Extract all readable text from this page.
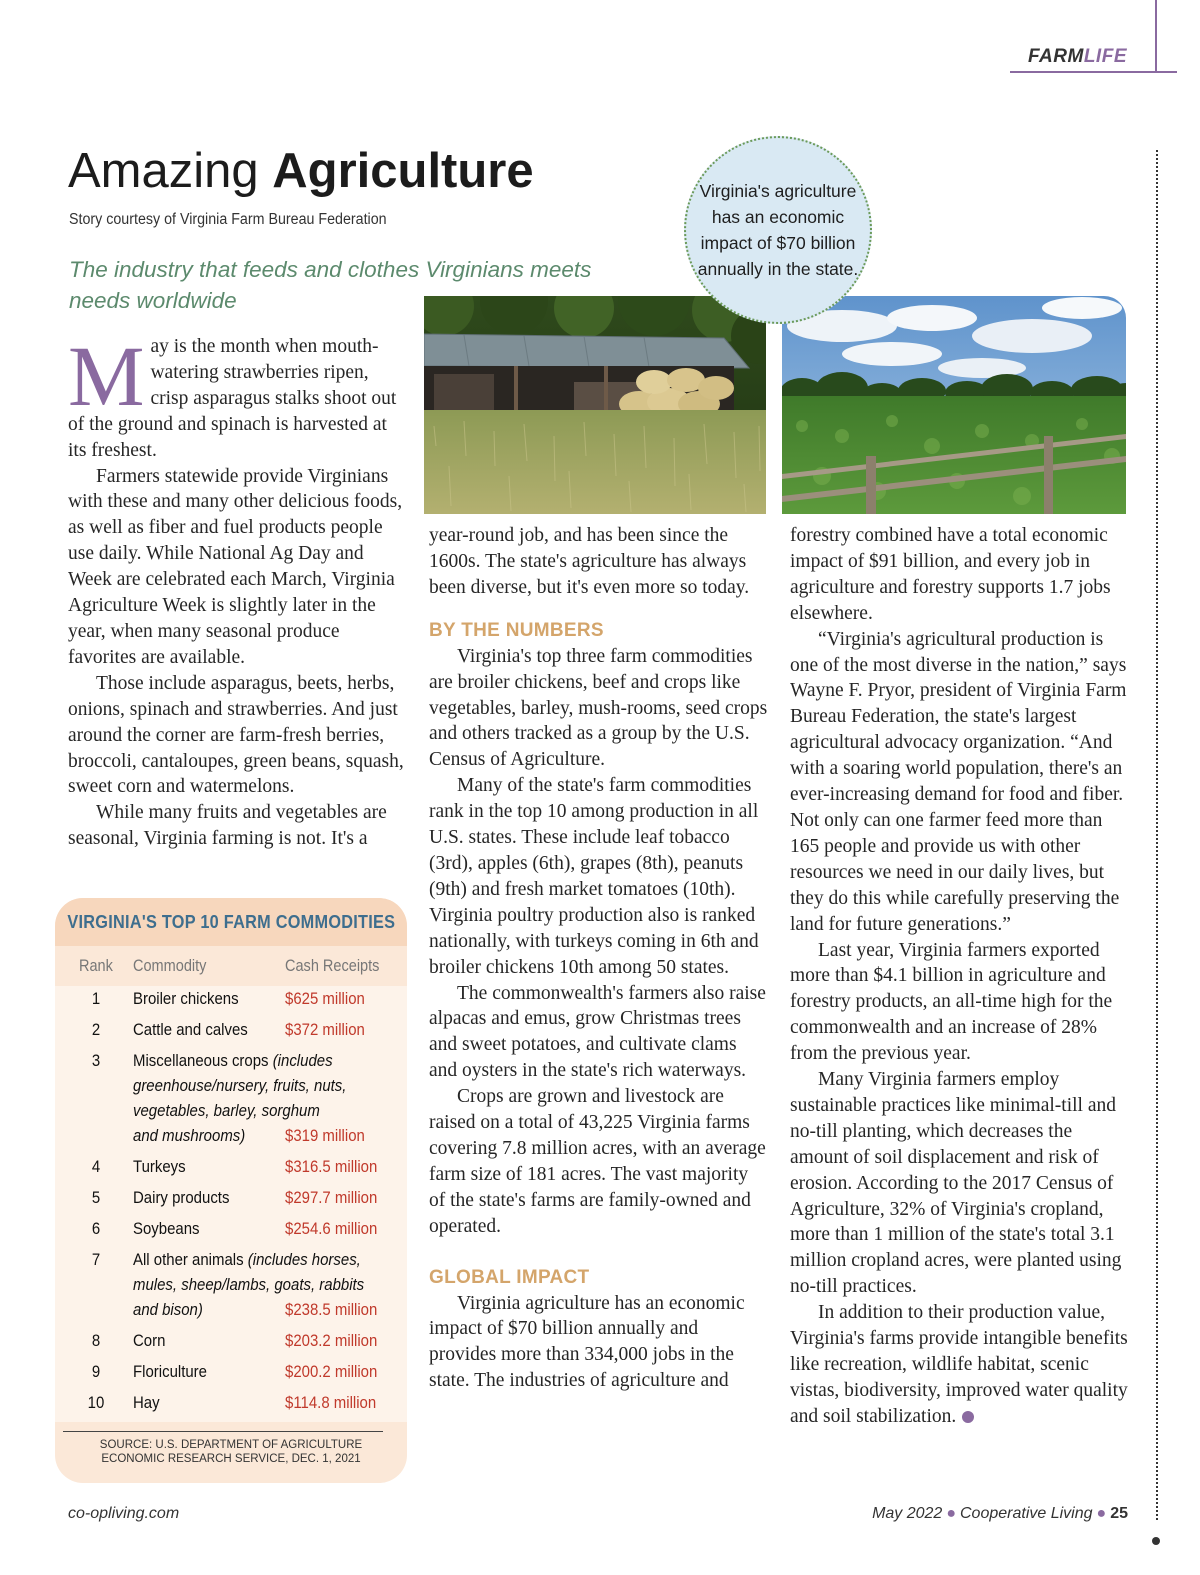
FARMLIFE
Amazing Agriculture
Story courtesy of Virginia Farm Bureau Federation
The industry that feeds and clothes Virginians meets needs worldwide
Virginia's agriculture has an economic impact of $70 billion annually in the state.

May is the month when mouth-watering strawberries ripen, crisp asparagus stalks shoot out of the ground and spinach is harvested at its freshest.

Farmers statewide provide Virginians with these and many other delicious foods, as well as fiber and fuel products people use daily. While National Ag Day and Week are celebrated each March, Virginia Agriculture Week is slightly later in the year, when many seasonal produce favorites are available.

Those include asparagus, beets, herbs, onions, spinach and strawberries. And just around the corner are farm-fresh berries, broccoli, cantaloupes, green beans, squash, sweet corn and watermelons.

While many fruits and vegetables are seasonal, Virginia farming is not. It's a

year-round job, and has been since the 1600s. The state's agriculture has always been diverse, but it's even more so today.

BY THE NUMBERS

Virginia's top three farm commodities are broiler chickens, beef and crops like vegetables, barley, mush-rooms, seed crops and others tracked as a group by the U.S. Census of Agriculture.

Many of the state's farm commodities rank in the top 10 among production in all U.S. states. These include leaf tobacco (3rd), apples (6th), grapes (8th), peanuts (9th) and fresh market tomatoes (10th). Virginia poultry production also is ranked nationally, with turkeys coming in 6th and broiler chickens 10th among 50 states.

The commonwealth's farmers also raise alpacas and emus, grow Christmas trees and sweet potatoes, and cultivate clams and oysters in the state's rich waterways.

Crops are grown and livestock are raised on a total of 43,225 Virginia farms covering 7.8 million acres, with an average farm size of 181 acres. The vast majority of the state's farms are family-owned and operated.

GLOBAL IMPACT

Virginia agriculture has an economic impact of $70 billion annually and provides more than 334,000 jobs in the state. The industries of agriculture and

forestry combined have a total economic impact of $91 billion, and every job in agriculture and forestry supports 1.7 jobs elsewhere.

“Virginia's agricultural production is one of the most diverse in the nation,” says Wayne F. Pryor, president of Virginia Farm Bureau Federation, the state's largest agricultural advocacy organization. “And with a soaring world population, there's an ever-increasing demand for food and fiber. Not only can one farmer feed more than 165 people and provide us with other resources we need in our daily lives, but they do this while carefully preserving the land for future generations.”

Last year, Virginia farmers exported more than $4.1 billion in agriculture and forestry products, an all-time high for the commonwealth and an increase of 28% from the previous year.

Many Virginia farmers employ sustainable practices like minimal-till and no-till planting, which decreases the amount of soil displacement and risk of erosion. According to the 2017 Census of Agriculture, 32% of Virginia's cropland, more than 1 million of the state's total 3.1 million cropland acres, were planted using no-till practices.

In addition to their production value, Virginia's farms provide intangible benefits like recreation, wildlife habitat, scenic vistas, biodiversity, improved water quality and soil stabilization.

VIRGINIA'S TOP 10 FARM COMMODITIES
Rank Commodity	Cash Receipts
1	Broiler chickens	$625 million
2	Cattle and calves	$372 million
3	Miscellaneous crops (includes
greenhouse/nursery, fruits, nuts,
vegetables, barley, sorghum
and mushrooms)	$319 million
4	Turkeys	$316.5 million
5	Dairy products	$297.7 million
6	Soybeans	$254.6 million
7	All other animals (includes horses,
mules, sheep/lambs, goats, rabbits
and bison)	$238.5 million
8	Corn	$203.2 million
9	Floriculture	$200.2 million
10	Hay	$114.8 million
SOURCE: U.S. DEPARTMENT OF AGRICULTURE
ECONOMIC RESEARCH SERVICE, DEC. 1, 2021
co-opliving.com	May 2022 ● Cooperative Living ● 25
